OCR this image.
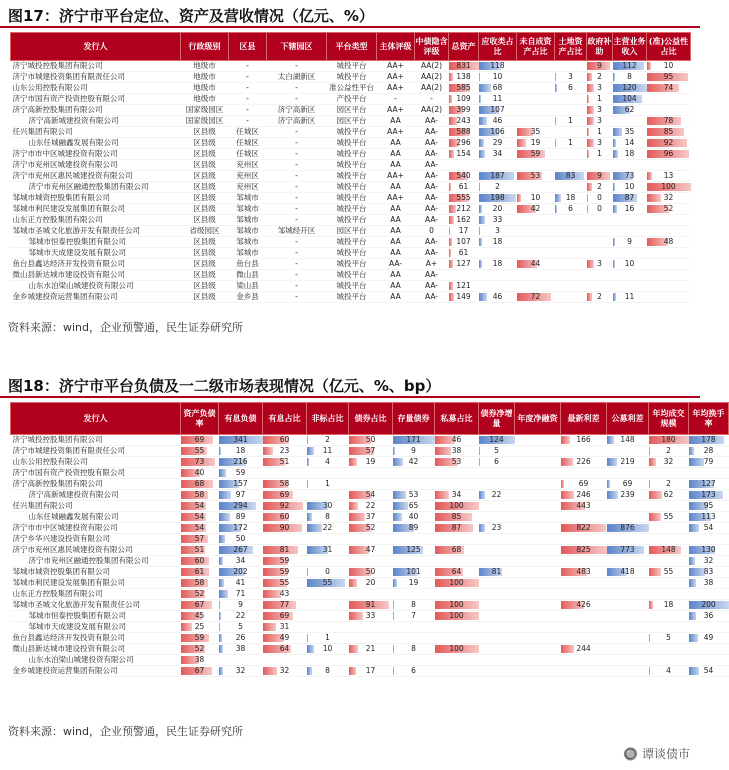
图17：济宁市平台定位、资产及营收情况（亿元、%）
发行人	行政级别	区县	下辖园区	平台类型	主体评级	中债隐含评级	总资产	应收类占比	未自成资产占比	土地资产占比	政府补助	主营业务收入	(准)公益性占比
济宁城投控股集团有限公司	地级市	-	-	城投平台	AA+	AA(2)	831	118			9	112	10
济宁市城建投资集团有限责任公司	地级市	-	太白湖新区	城投平台	AA+	AA(2)	138	10		3	2	8	95
山东公用控股有限公司	地级市	-	-	准公益性平台	AA+	AA(2)	585	68		6	3	120	74
济宁市国有资产投资控股有限公司	地级市	-	-	产投平台	-	-	109	11			1	104	
济宁高新控股集团有限公司	国家级园区	-	济宁高新区	园区平台	AA+	AA(2)	399	107			3	62	
济宁高新城建投资有限公司	国家级园区	-	济宁高新区	园区平台	AA	AA-	243	46		1	3		78
任兴集团有限公司	区县级	任城区	-	城投平台	AA+	AA-	588	106	35		1	35	85
山东任城融鑫发展有限公司	区县级	任城区	-	城投平台	AA	AA-	296	29	19	1	3	14	92
济宁市市中区城建投资有限公司	区县级	任城区	-	城投平台	AA	AA-	154	34	59		1	18	96
济宁市兖州区城建投资有限公司	区县级	兖州区	-	城投平台	AA	AA-							
济宁市兖州区惠民城建投资有限公司	区县级	兖州区	-	城投平台	AA+	AA-	540	187	53	83	9	73	13
济宁市兖州区融通控股集团有限公司	区县级	兖州区	-	城投平台	AA	AA-	61	2			2	10	100
邹城市城资控股集团有限公司	区县级	邹城市	-	城投平台	AA+	AA-	555	198	10	18	0	87	32
邹城市利民建设发展集团有限公司	区县级	邹城市	-	城投平台	AA	AA-	212	20	42	6	0	16	52
山东正方控股集团有限公司	区县级	邹城市	-	城投平台	AA	AA-	162	33					
邹城市圣城文化旅游开发有限责任公司	省级园区	邹城市	邹城经开区	园区平台	AA	0	17	3					
邹城市恒泰控股集团有限公司	区县级	邹城市	-	城投平台	AA	AA-	107	18				9	48
邹城市天成建设发展有限公司	区县级	邹城市	-	城投平台	AA	AA-	61						
鱼台县鑫达经济开发投资有限公司	区县级	鱼台县	-	城投平台	AA-	A+	127	18	44		3	10	
微山县新达城市建设投资有限公司	区县级	微山县	-	城投平台	AA	AA-							
山东水泊梁山城建投资有限公司	区县级	梁山县	-	城投平台	AA	AA-	121						
金乡城建投资运营集团有限公司	区县级	金乡县	-	城投平台	AA	AA-	149	46	72		2	11	
资料来源：wind，企业预警通，民生证券研究所
图18：济宁市平台负债及一二级市场表现情况（亿元、%、bp）
发行人	资产负债率	有息负债	有息占比	非标占比	债券占比	存量债券	私募占比	债券净增量	年度净融资	最新利差	公募利差	年均成交规模	年均换手率
济宁城投控股集团有限公司	69	341	60	2	50	171	46	124		166	148	180	178
济宁市城建投资集团有限责任公司	55	18	23	11	57	9	38	5				2	28
山东公用控股有限公司	73	216	51	4	19	42	53	6		226	219	32	79
济宁市国有资产投资控股有限公司	40	59											
济宁高新控股集团有限公司	68	157	58	1						69	69	2	127
济宁高新城建投资有限公司	58	97	69		54	53	34	22		246	239	62	173
任兴集团有限公司	54	294	92	30	22	65	100			443			95
山东任城融鑫发展有限公司	54	89	60	8	37	40	85					55	113
济宁市市中区城建投资有限公司	54	172	90	22	52	89	87	23		822	876		54
济宁乡华兴建设投资有限公司	57	50											
济宁市兖州区惠民城建投资有限公司	51	267	81	31	47	125	68			825	773	148	130
济宁市兖州区融通控股集团有限公司	60	34	59										32
邹城市城资控股集团有限公司	61	202	59	0	50	101	64	81		483	418	55	83
邹城市利民建设发展集团有限公司	58	41	55	55	20	19	100						38
山东正方控股集团有限公司	52	71	43										
邹城市圣城文化旅游开发有限责任公司	67	9	77		91	8	100			426		18	200
邹城市恒泰控股集团有限公司	45	22	69		33	7	100						36
邹城市天成建设发展有限公司	25	5	31										
鱼台县鑫达经济开发投资有限公司	59	26	49	1								5	49
微山县新达城市建设投资有限公司	52	38	64	10	21	8	100			244			
山东水泊梁山城建投资有限公司	38												
金乡城建投资运营集团有限公司	67	32	32	8	17	6						4	54
资料来源：wind，企业预警通，民生证券研究所
🔘 谭谈债市
